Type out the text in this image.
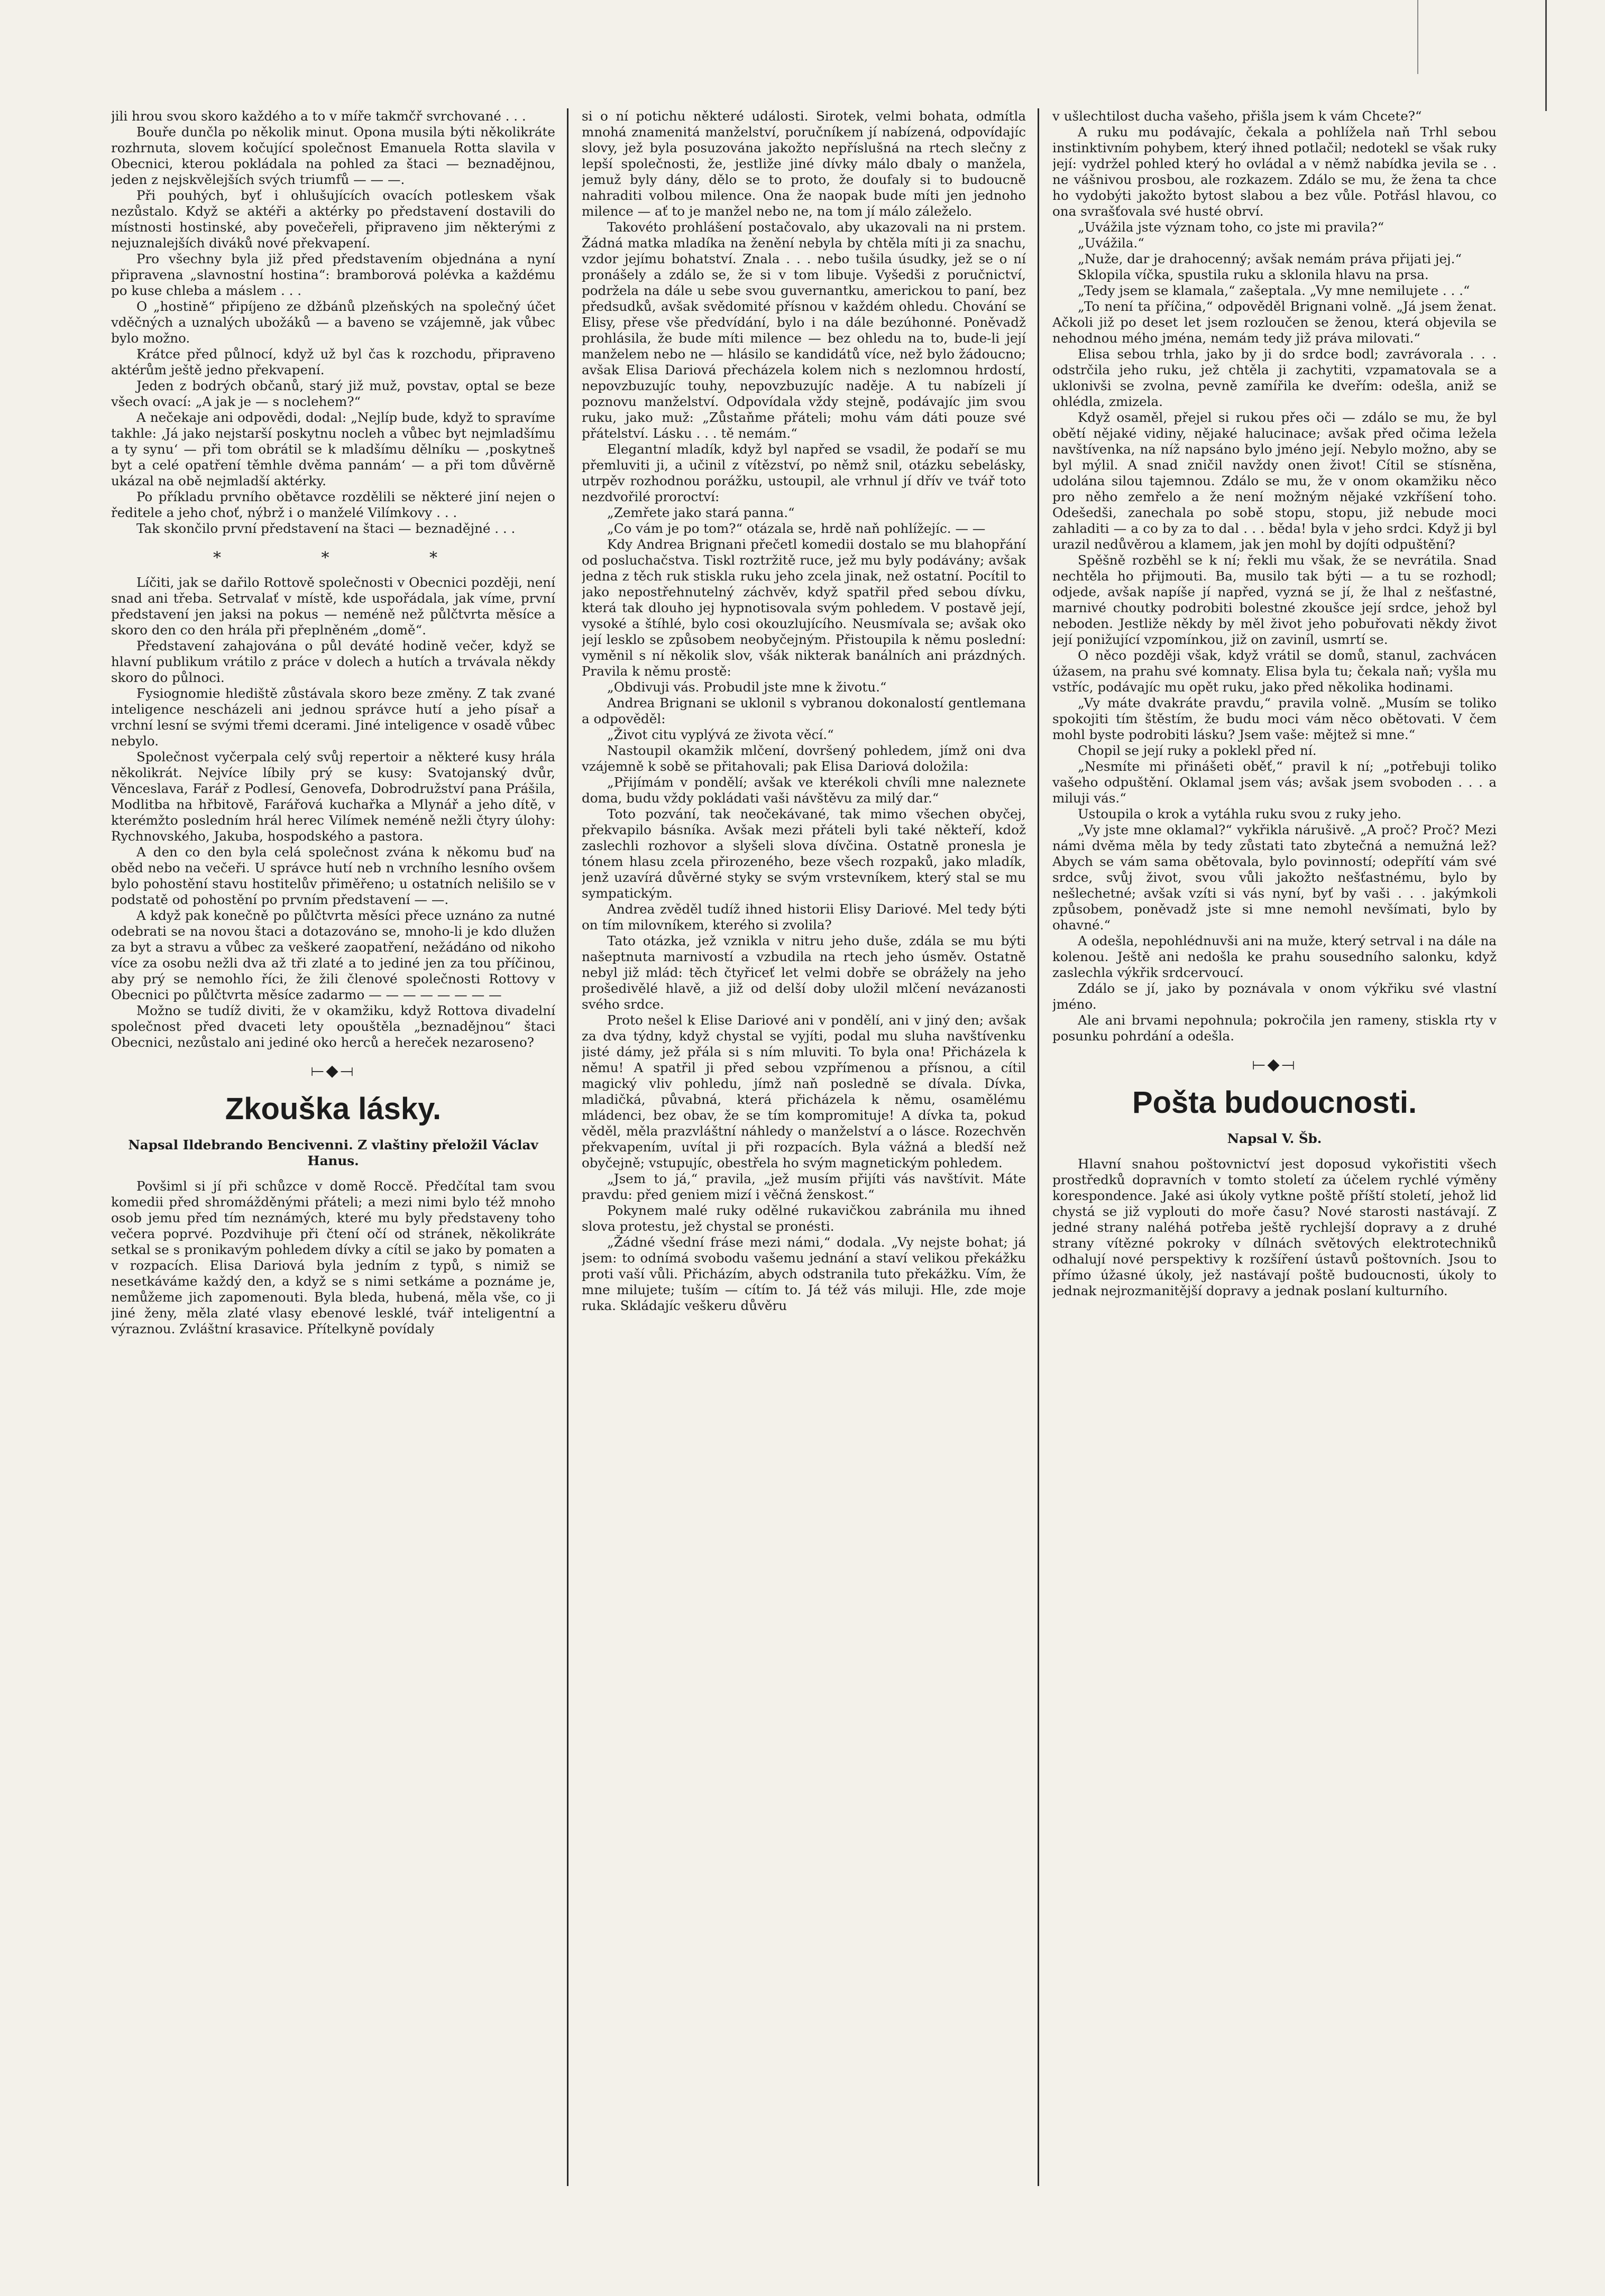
jili hrou svou skoro každého a to v míře takmčř svrchované . . .

Bouře dunčla po několik minut. Opona musila býti několikráte rozhrnuta, slovem kočující společnost Emanuela Rotta slavila v Obecnici, kterou pokládala na pohled za štaci — beznadějnou, jeden z nejskvělejších svých triumfů — — —.

Při pouhých, byť i ohlušujících ovacích potleskem však nezůstalo. Když se aktéři a aktérky po představení dostavili do místnosti hostinské, aby povečeřeli, připraveno jim některými z nejuznalejších diváků nové překvapení.

Pro všechny byla již před představením objednána a nyní připravena „slavnostní hostina“: bramborová polévka a každému po kuse chleba a máslem . . .

O „hostině“ připíjeno ze džbánů plzeňských na společný účet vděčných a uznalých ubožáků — a baveno se vzájemně, jak vůbec bylo možno.

Krátce před půlnocí, když už byl čas k rozchodu, připraveno aktérům ještě jedno překvapení.

Jeden z bodrých občanů, starý již muž, povstav, optal se beze všech ovací: „A jak je — s noclehem?“

A nečekaje ani odpovědi, dodal: „Nejlíp bude, když to spravíme takhle: ‚Já jako nejstarší poskytnu nocleh a vůbec byt nejmladšímu a ty synu‘ — při tom obrátil se k mladšímu dělníku — ‚poskytneš byt a celé opatření těmhle dvěma pannám‘ — a při tom důvěrně ukázal na obě nejmladší aktérky.

Po příkladu prvního obětavce rozdělili se některé jiní nejen o ředitele a jeho choť, nýbrž i o manželé Vilímkovy . . .

Tak skončilo první představení na štaci — beznadějné . . .

* * *

Líčiti, jak se dařilo Rottově společnosti v Obecnici později, není snad ani třeba. Setrvalať v místě, kde uspořádala, jak víme, první představení jen jaksi na pokus — neméně než půlčtvrta měsíce a skoro den co den hrála při přeplněném „domě“.

Představení zahajována o půl deváté hodině večer, když se hlavní publikum vrátilo z práce v dolech a hutích a trvávala někdy skoro do půlnoci.

Fysiognomie hlediště zůstávala skoro beze změny. Z tak zvané inteligence nescházeli ani jednou správce hutí a jeho písař a vrchní lesní se svými třemi dcerami. Jiné inteligence v osadě vůbec nebylo.

Společnost vyčerpala celý svůj repertoir a některé kusy hrála několikrát. Nejvíce líbily prý se kusy: Svatojanský dvůr, Věnceslava, Farář z Podlesí, Genovefa, Dobrodružství pana Prášila, Modlitba na hřbitově, Farářová kuchařka a Mlynář a jeho dítě, v kterémžto posledním hrál herec Vilímek neméně nežli čtyry úlohy: Rychnovského, Jakuba, hospodského a pastora.

A den co den byla celá společnost zvána k někomu buď na oběd nebo na večeři. U správce hutí neb n vrchního lesního ovšem bylo pohostění stavu hostitelův přiměřeno; u ostatních nelišilo se v podstatě od pohostění po prvním představení — —.

A když pak konečně po půlčtvrta měsíci přece uznáno za nutné odebrati se na novou štaci a dotazováno se, mnoho-li je kdo dlužen za byt a stravu a vůbec za veškeré zaopatření, nežádáno od nikoho více za osobu nežli dva až tři zlaté a to jediné jen za tou příčinou, aby prý se nemohlo říci, že žili členové společnosti Rottovy v Obecnici po půlčtvrta měsíce zadarmo — — — — — — — —

Možno se tudíž diviti, že v okamžiku, když Rottova divadelní společnost před dvaceti lety opouštěla „beznadějnou“ štaci Obecnici, nezůstalo ani jediné oko herců a hereček nezaroseno?

⟝◆⟞
Zkouška lásky.
Napsal Ildebrando Bencivenni. Z vlaštiny přeložil Václav Hanus.

Povšiml si jí při schůzce v domě Roccě. Předčítal tam svou komedii před shromážděnými přáteli; a mezi nimi bylo též mnoho osob jemu před tím neznámých, které mu byly představeny toho večera poprvé. Pozdvihuje při čtení očí od stránek, několikráte setkal se s pronikavým pohledem dívky a cítil se jako by pomaten a v rozpacích. Elisa Dariová byla jedním z typů, s nimiž se nesetkáváme každý den, a když se s nimi setkáme a poznáme je, nemůžeme jich zapomenouti. Byla bleda, hubená, měla vše, co ji jiné ženy, měla zlaté vlasy ebenové lesklé, tvář inteligentní a výraznou. Zvláštní krasavice. Přítelkyně povídaly

si o ní potichu některé události. Sirotek, velmi bohata, odmítla mnohá znamenitá manželství, poručníkem jí nabízená, odpovídajíc slovy, jež byla posuzována jakožto nepříslušná na rtech slečny z lepší společnosti, že, jestliže jiné dívky málo dbaly o manžela, jemuž byly dány, dělo se to proto, že doufaly si to budoucně nahraditi volbou milence. Ona že naopak bude míti jen jednoho milence — ať to je manžel nebo ne, na tom jí málo záleželo.

Takovéto prohlášení postačovalo, aby ukazovali na ni prstem. Žádná matka mladíka na ženění nebyla by chtěla míti ji za snachu, vzdor jejímu bohatství. Znala . . . nebo tušila úsudky, jež se o ní pronášely a zdálo se, že si v tom libuje. Vyšedši z poručnictví, podržela na dále u sebe svou guvernantku, americkou to paní, bez předsudků, avšak svědomité přísnou v každém ohledu. Chování se Elisy, přese vše předvídání, bylo i na dále bezúhonné. Poněvadž prohlásila, že bude míti milence — bez ohledu na to, bude-li její manželem nebo ne — hlásilo se kandidátů více, než bylo žádoucno; avšak Elisa Dariová přecházela kolem nich s nezlomnou hrdostí, nepovzbuzujíc touhy, nepovzbuzujíc naděje. A tu nabízeli jí poznovu manželství. Odpovídala vždy stejně, podávajíc jim svou ruku, jako muž: „Zůstaňme přáteli; mohu vám dáti pouze své přátelství. Lásku . . . tě nemám.“

Elegantní mladík, když byl napřed se vsadil, že podaří se mu přemluviti ji, a učinil z vítězství, po němž snil, otázku sebelásky, utrpěv rozhodnou porážku, ustoupil, ale vrhnul jí dřív ve tvář toto nezdvořilé proroctví:

„Zemřete jako stará panna.“

„Co vám je po tom?“ otázala se, hrdě naň pohlížejíc. — —

Kdy Andrea Brignani přečetl komedii dostalo se mu blahopřání od posluchačstva. Tiskl roztržitě ruce, jež mu byly podávány; avšak jedna z těch ruk stiskla ruku jeho zcela jinak, než ostatní. Pocítil to jako nepostřehnutelný záchvěv, když spatřil před sebou dívku, která tak dlouho jej hypnotisovala svým pohledem. V postavě její, vysoké a štíhlé, bylo cosi okouzlujícího. Neusmívala se; avšak oko její lesklo se způsobem neobyčejným. Přistoupila k němu poslední: vyměnil s ní několik slov, všák nikterak banálních ani prázdných. Pravila k němu prostě:

„Obdivuji vás. Probudil jste mne k životu.“

Andrea Brignani se uklonil s vybranou dokonalostí gentlemana a odpověděl:

„Život citu vyplývá ze života věcí.“

Nastoupil okamžik mlčení, dovršený pohledem, jímž oni dva vzájemně k sobě se přitahovali; pak Elisa Dariová doložila:

„Přijímám v pondělí; avšak ve kterékoli chvíli mne naleznete doma, budu vždy pokládati vaši návštěvu za milý dar.“

Toto pozvání, tak neočekávané, tak mimo všechen obyčej, překvapilo básníka. Avšak mezi přáteli byli také někteří, kdož zaslechli rozhovor a slyšeli slova dívčina. Ostatně pronesla je tónem hlasu zcela přirozeného, beze všech rozpaků, jako mladík, jenž uzavírá důvěrné styky se svým vrstevníkem, který stal se mu sympatickým.

Andrea zvěděl tudíž ihned historii Elisy Dariové. Mel tedy býti on tím milovníkem, kterého si zvolila?

Tato otázka, jež vznikla v nitru jeho duše, zdála se mu býti našeptnuta marnivostí a vzbudila na rtech jeho úsměv. Ostatně nebyl již mlád: těch čtyřiceť let velmi dobře se obrážely na jeho prošedivělé hlavě, a již od delší doby uložil mlčení nevázanosti svého srdce.

Proto nešel k Elise Dariové ani v pondělí, ani v jiný den; avšak za dva týdny, když chystal se vyjíti, podal mu sluha navštívenku jisté dámy, jež přála si s ním mluviti. To byla ona! Přicházela k němu! A spatřil ji před sebou vzpřímenou a přísnou, a cítil magický vliv pohledu, jímž naň posledně se dívala. Dívka, mladičká, půvabná, která přicházela k němu, osamělému mládenci, bez obav, že se tím kompromituje! A dívka ta, pokud věděl, měla prazvláštní náhledy o manželství a o lásce. Rozechvěn překvapením, uvítal ji při rozpacích. Byla vážná a bledší než obyčejně; vstupujíc, obestřela ho svým magnetickým pohledem.

„Jsem to já,“ pravila, „jež musím přijíti vás navštívit. Máte pravdu: před geniem mizí i věčná ženskost.“

Pokynem malé ruky odělné rukavičkou zabránila mu ihned slova protestu, jež chystal se pronésti.

„Žádné všední fráse mezi námi,“ dodala. „Vy nejste bohat; já jsem: to odnímá svobodu vašemu jednání a staví velikou překážku proti vaší vůli. Přicházím, abych odstranila tuto překážku. Vím, že mne milujete; tuším — cítím to. Já též vás miluji. Hle, zde moje ruka. Skládajíc veškeru důvěru

v ušlechtilost ducha vašeho, přišla jsem k vám Chcete?“

A ruku mu podávajíc, čekala a pohlížela naň Trhl sebou instinktivním pohybem, který ihned potlačil; nedotekl se však ruky její: vydržel pohled který ho ovládal a v němž nabídka jevila se . . ne vášnivou prosbou, ale rozkazem. Zdálo se mu, že žena ta chce ho vydobýti jakožto bytost slabou a bez vůle. Potřásl hlavou, co ona svrašťovala své husté obrví.

„Uvážila jste význam toho, co jste mi pravila?“

„Uvážila.“

„Nuže, dar je drahocenný; avšak nemám práva přijati jej.“

Sklopila víčka, spustila ruku a sklonila hlavu na prsa.

„Tedy jsem se klamala,“ zašeptala. „Vy mne nemilujete . . .“

„To není ta příčina,“ odpověděl Brignani volně. „Já jsem ženat. Ačkoli již po deset let jsem rozloučen se ženou, která objevila se nehodnou mého jména, nemám tedy již práva milovati.“

Elisa sebou trhla, jako by ji do srdce bodl; zavrávorala . . . odstrčila jeho ruku, jež chtěla ji zachytiti, vzpamatovala se a uklonivši se zvolna, pevně zamířila ke dveřím: odešla, aniž se ohlédla, zmizela.

Když osaměl, přejel si rukou přes oči — zdálo se mu, že byl obětí nějaké vidiny, nějaké halucinace; avšak před očima ležela navštívenka, na níž napsáno bylo jméno její. Nebylo možno, aby se byl mýlil. A snad zničil navždy onen život! Cítil se stísněna, udolána silou tajemnou. Zdálo se mu, že v onom okamžiku něco pro něho zemřelo a že není možným nějaké vzkříšení toho. Odešedši, zanechala po sobě stopu, stopu, již nebude moci zahladiti — a co by za to dal . . . běda! byla v jeho srdci. Když ji byl urazil nedůvěrou a klamem, jak jen mohl by dojíti odpuštění?

Spěšně rozběhl se k ní; řekli mu však, že se nevrátila. Snad nechtěla ho přijmouti. Ba, musilo tak býti — a tu se rozhodl; odjede, avšak napíše jí napřed, vyzná se jí, že lhal z nešťastné, marnivé choutky podrobiti bolestné zkoušce její srdce, jehož byl neboden. Jestliže někdy by měl život jeho pobuřovati někdy život její ponižující vzpomínkou, již on zaviníl, usmrtí se.

O něco později však, když vrátil se domů, stanul, zachvácen úžasem, na prahu své komnaty. Elisa byla tu; čekala naň; vyšla mu vstříc, podávajíc mu opět ruku, jako před několika hodinami.

„Vy máte dvakráte pravdu,“ pravila volně. „Musím se toliko spokojiti tím štěstím, že budu moci vám něco obětovati. V čem mohl byste podrobiti lásku? Jsem vaše: mějtež si mne.“

Chopil se její ruky a poklekl před ní.

„Nesmíte mi přinášeti oběť,“ pravil k ní; „potřebuji toliko vašeho odpuštění. Oklamal jsem vás; avšak jsem svoboden . . . a miluji vás.“

Ustoupila o krok a vytáhla ruku svou z ruky jeho.

„Vy jste mne oklamal?“ vykřikla nárušivě. „A proč? Proč? Mezi námi dvěma měla by tedy zůstati tato zbytečná a nemužná lež? Abych se vám sama obětovala, bylo povinností; odepřítí vám své srdce, svůj život, svou vůli jakožto nešťastnému, bylo by nešlechetné; avšak vzíti si vás nyní, byť by vaši . . . jakýmkoli způsobem, poněvadž jste si mne nemohl nevšímati, bylo by ohavné.“

A odešla, nepohlédnuvši ani na muže, který setrval i na dále na kolenou. Ještě ani nedošla ke prahu sousedního salonku, když zaslechla výkřik srdcervoucí.

Zdálo se jí, jako by poznávala v onom výkřiku své vlastní jméno.

Ale ani brvami nepohnula; pokročila jen rameny, stiskla rty v posunku pohrdání a odešla.

⟝◆⟞
Pošta budoucnosti.
Napsal V. Šb.

Hlavní snahou poštovnictví jest doposud vykořistiti všech prostředků dopravních v tomto století za účelem rychlé výměny korespondence. Jaké asi úkoly vytkne poště příští století, jehož lid chystá se již vyplouti do moře času? Nové starosti nastávají. Z jedné strany naléhá potřeba ještě rychlejší dopravy a z druhé strany vítězné pokroky v dílnách světových elektrotechniků odhalují nové perspektivy k rozšíření ústavů poštovních. Jsou to přímo úžasné úkoly, jež nastávají poště budoucnosti, úkoly to jednak nejrozmanitější dopravy a jednak poslaní kulturního.
